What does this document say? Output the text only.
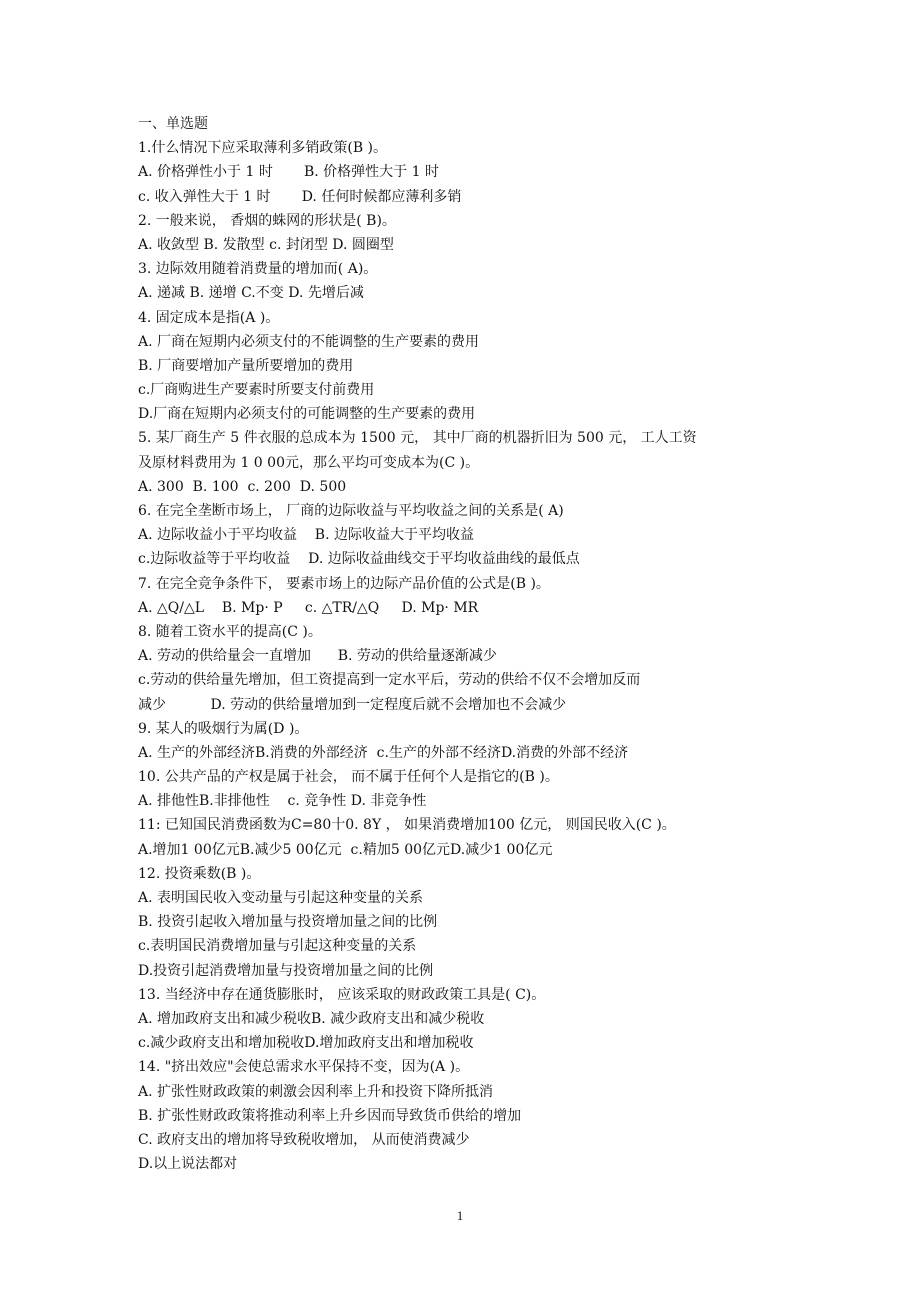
一、单选题
1.什么情况下应采取薄利多销政策(B )。
A. 价格弹性小于 1 时       B. 价格弹性大于 1 时
c. 收入弹性大于 1 时       D. 任何时候都应薄利多销
2. 一般来说， 香烟的蛛网的形状是( B)。
A. 收敛型 B. 发散型 c. 封闭型 D. 圆圈型
3. 边际效用随着消费量的增加而( A)。
A. 递减 B. 递增 C.不变 D. 先增后减
4. 固定成本是指(A )。
A. 厂商在短期内必须支付的不能调整的生产要素的费用
B. 厂商要增加产量所要增加的费用
c.厂商购进生产要素时所要支付前费用
D.厂商在短期内必须支付的可能调整的生产要素的费用
5. 某厂商生产 5 件衣服的总成本为 1500 元， 其中厂商的机器折旧为 500 元， 工人工资
及原材料费用为 1 0 00元，那么平均可变成本为(C )。
A. 300  B. 100  c. 200  D. 500
6. 在完全垄断市场上， 厂商的边际收益与平均收益之间的关系是( A)
A. 边际收益小于平均收益    B. 边际收益大于平均收益
c.边际收益等于平均收益    D. 边际收益曲线交于平均收益曲线的最低点
7. 在完全竞争条件下， 要素市场上的边际产品价值的公式是(B )。
A. △Q/△L    B. Mp· P     c. △TR/△Q     D. Mp· MR
8. 随着工资水平的提高(C )。
A. 劳动的供给量会一直增加      B. 劳动的供给量逐渐减少
c.劳动的供给量先增加，但工资提高到一定水平后，劳动的供给不仅不会增加反而
减少          D. 劳动的供给量增加到一定程度后就不会增加也不会减少
9. 某人的吸烟行为属(D )。
A. 生产的外部经济B.消费的外部经济  c.生产的外部不经济D.消费的外部不经济
10. 公共产品的产权是属于社会， 而不属于任何个人是指它的(B )。
A. 排他性B.非排他性    c. 竞争性 D. 非竞争性
11: 已知国民消费函数为C=80十0. 8Y ， 如果消费增加100 亿元， 则国民收入(C )。
A.增加1 00亿元B.减少5 00亿元  c.精加5 00亿元D.减少1 00亿元
12. 投资乘数(B )。
A. 表明国民收入变动量与引起这种变量的关系
B. 投资引起收入增加量与投资增加量之间的比例
c.表明国民消费增加量与引起这种变量的关系
D.投资引起消费增加量与投资增加量之间的比例
13. 当经济中存在通货膨胀时， 应该采取的财政政策工具是( C)。
A. 增加政府支出和减少税收B. 减少政府支出和减少税收
c.减少政府支出和增加税收D.增加政府支出和增加税收
14. "挤出效应"会使总需求水平保持不变，因为(A )。
A. 扩张性财政政策的刺激会因利率上升和投资下降所抵消
B. 扩张性财政政策将推动利率上升乡因而导致货币供给的增加
C. 政府支出的增加将导致税收增加， 从而使消费减少
D.以上说法都对
1
